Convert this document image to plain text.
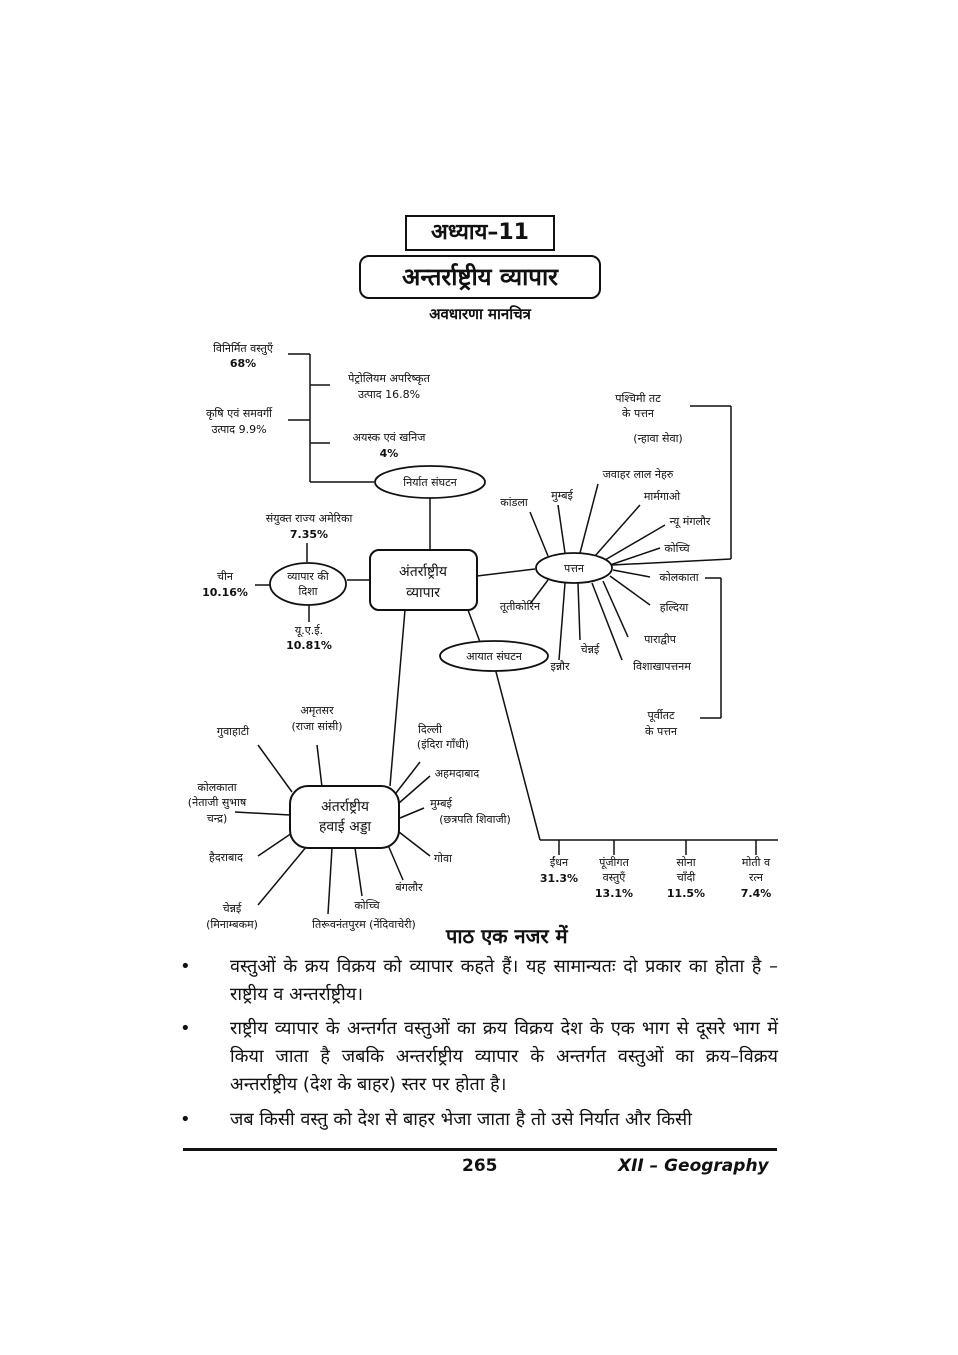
अध्याय–11
अन्तर्राष्ट्रीय व्यापार
अवधारणा मानचित्र
अंतर्राष्ट्रीय
व्यापार
निर्यात संघटन
व्यापार की
दिशा
पत्तन
आयात संघटन
अंतर्राष्ट्रीय
हवाई अड्डा
विनिर्मित वस्तुएँ
68%
पेट्रोलियम अपरिष्कृत
उत्पाद 16.8%
कृषि एवं समवर्गी
उत्पाद 9.9%
अयस्क एवं खनिज
4%
संयुक्त राज्य अमेरिका
7.35%
चीन
10.16%
यू.ए.ई.
10.81%
कांडला
मुम्बई
जवाहर लाल नेहरु
मार्मगाओ
न्यू मंगलौर
कोच्चि
कोलकाता
हल्दिया
पाराद्वीप
विशाखापत्तनम
चेन्नई
इन्नौर
तूतीकोरिन
पश्चिमी तट
के पत्तन
(न्हावा सेवा)
पूर्वीतट
के पत्तन
ईंधन
31.3%
पूंजीगत
वस्तुएँ
13.1%
सोना
चाँदी
11.5%
मोती व
रत्न
7.4%
अमृतसर
(राजा सांसी)
गुवाहाटी	दिल्ली
(इंदिरा गाँधी)
अहमदाबाद
कोलकाता
(नेताजी सुभाष
चन्द्र)
मुम्बई
(छत्रपति शिवाजी)
हैदराबाद	गोवा
बंगलौर
कोच्चि
चेन्नई
(मिनाम्बकम)	तिरूवनंतपुरम (नेंदिवाचेरी) पाठ एक नजर में
• वस्तुओं के क्रय विक्रय को व्यापार कहते हैं। यह सामान्यतः दो प्रकार का होता है – राष्ट्रीय व अन्तर्राष्ट्रीय।
• राष्ट्रीय व्यापार के अन्तर्गत वस्तुओं का क्रय विक्रय देश के एक भाग से दूसरे भाग में किया जाता है जबकि अन्तर्राष्ट्रीय व्यापार के अन्तर्गत वस्तुओं का क्रय–विक्रय अन्तर्राष्ट्रीय (देश के बाहर) स्तर पर होता है।
• जब किसी वस्तु को देश से बाहर भेजा जाता है तो उसे निर्यात और किसी
265	XII – Geography
